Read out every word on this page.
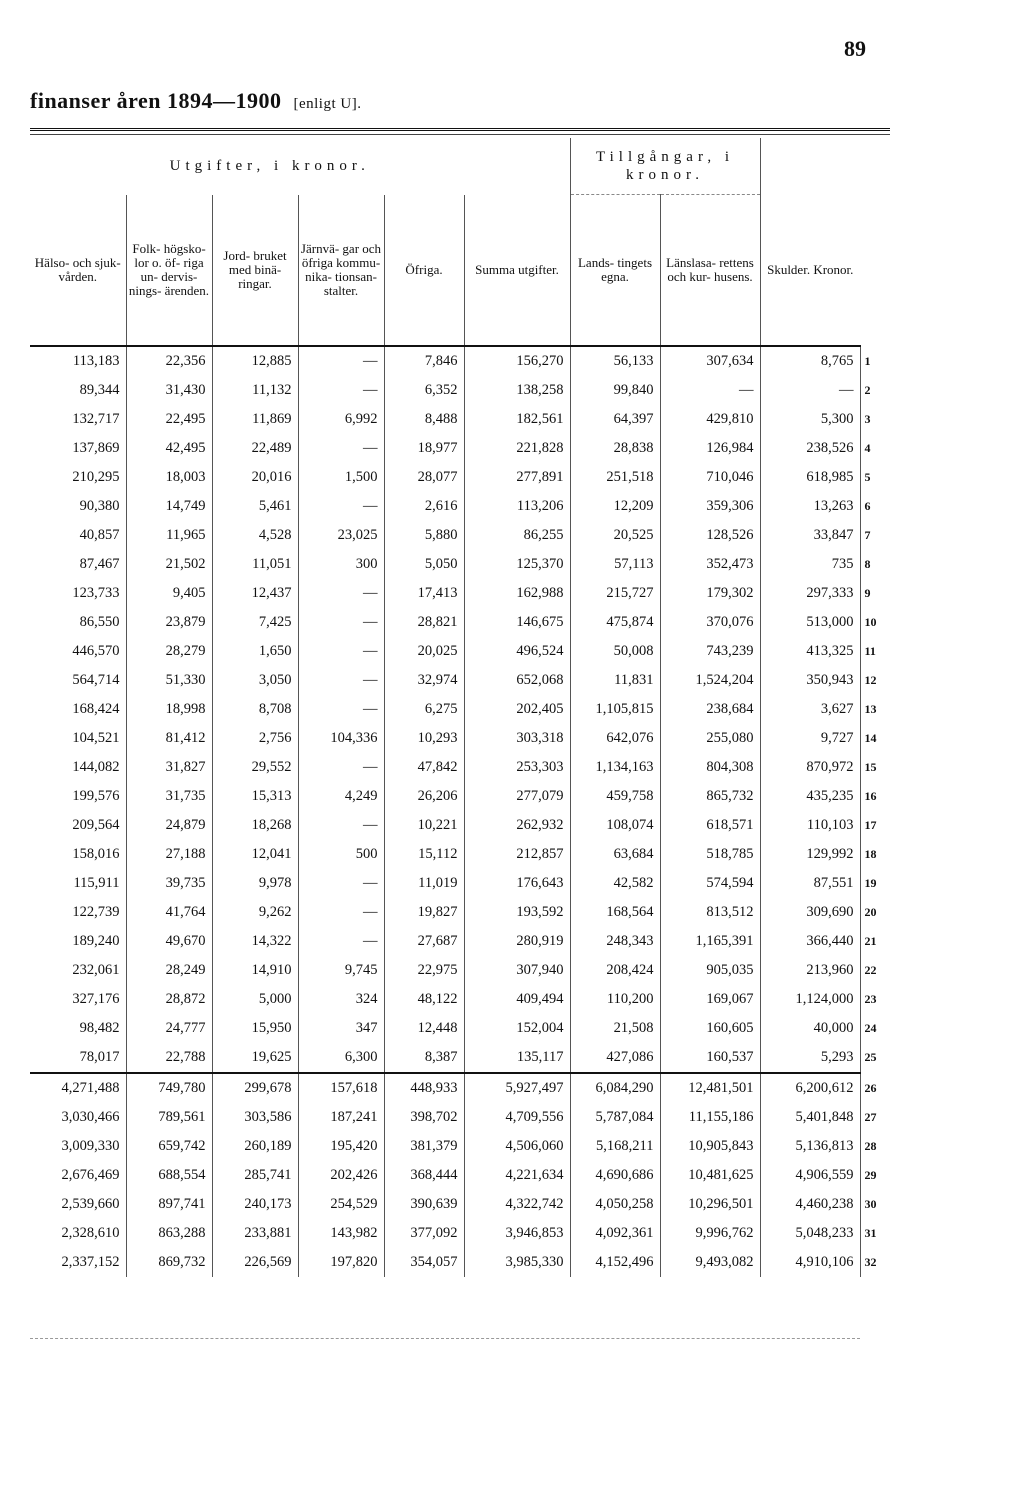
89
finanser åren 1894—1900 [enligt U].
Utgifter, i kronor.						Tillgångar, i kronor.			
Hälso- och sjuk- vården.	Folk- högsko- lor o. öf- riga un- dervis- nings- ärenden.	Jord- bruket med binä- ringar.	Järnvä- gar och öfriga kommu- nika- tionsan- stalter.	Öfriga.	Summa utgifter.	Lands- tingets egna.	Länslasa- rettens och kur- husens.	Skulder. Kronor.	
113,183	22,356	12,885	—	7,846	156,270	56,133	307,634	8,765	1
89,344	31,430	11,132	—	6,352	138,258	99,840	—	—	2
132,717	22,495	11,869	6,992	8,488	182,561	64,397	429,810	5,300	3
137,869	42,495	22,489	—	18,977	221,828	28,838	126,984	238,526	4
210,295	18,003	20,016	1,500	28,077	277,891	251,518	710,046	618,985	5
90,380	14,749	5,461	—	2,616	113,206	12,209	359,306	13,263	6
40,857	11,965	4,528	23,025	5,880	86,255	20,525	128,526	33,847	7
87,467	21,502	11,051	300	5,050	125,370	57,113	352,473	735	8
123,733	9,405	12,437	—	17,413	162,988	215,727	179,302	297,333	9
86,550	23,879	7,425	—	28,821	146,675	475,874	370,076	513,000	10
446,570	28,279	1,650	—	20,025	496,524	50,008	743,239	413,325	11
564,714	51,330	3,050	—	32,974	652,068	11,831	1,524,204	350,943	12
168,424	18,998	8,708	—	6,275	202,405	1,105,815	238,684	3,627	13
104,521	81,412	2,756	104,336	10,293	303,318	642,076	255,080	9,727	14
144,082	31,827	29,552	—	47,842	253,303	1,134,163	804,308	870,972	15
199,576	31,735	15,313	4,249	26,206	277,079	459,758	865,732	435,235	16
209,564	24,879	18,268	—	10,221	262,932	108,074	618,571	110,103	17
158,016	27,188	12,041	500	15,112	212,857	63,684	518,785	129,992	18
115,911	39,735	9,978	—	11,019	176,643	42,582	574,594	87,551	19
122,739	41,764	9,262	—	19,827	193,592	168,564	813,512	309,690	20
189,240	49,670	14,322	—	27,687	280,919	248,343	1,165,391	366,440	21
232,061	28,249	14,910	9,745	22,975	307,940	208,424	905,035	213,960	22
327,176	28,872	5,000	324	48,122	409,494	110,200	169,067	1,124,000	23
98,482	24,777	15,950	347	12,448	152,004	21,508	160,605	40,000	24
78,017	22,788	19,625	6,300	8,387	135,117	427,086	160,537	5,293	25
4,271,488	749,780	299,678	157,618	448,933	5,927,497	6,084,290	12,481,501	6,200,612	26
3,030,466	789,561	303,586	187,241	398,702	4,709,556	5,787,084	11,155,186	5,401,848	27
3,009,330	659,742	260,189	195,420	381,379	4,506,060	5,168,211	10,905,843	5,136,813	28
2,676,469	688,554	285,741	202,426	368,444	4,221,634	4,690,686	10,481,625	4,906,559	29
2,539,660	897,741	240,173	254,529	390,639	4,322,742	4,050,258	10,296,501	4,460,238	30
2,328,610	863,288	233,881	143,982	377,092	3,946,853	4,092,361	9,996,762	5,048,233	31
2,337,152	869,732	226,569	197,820	354,057	3,985,330	4,152,496	9,493,082	4,910,106	32
